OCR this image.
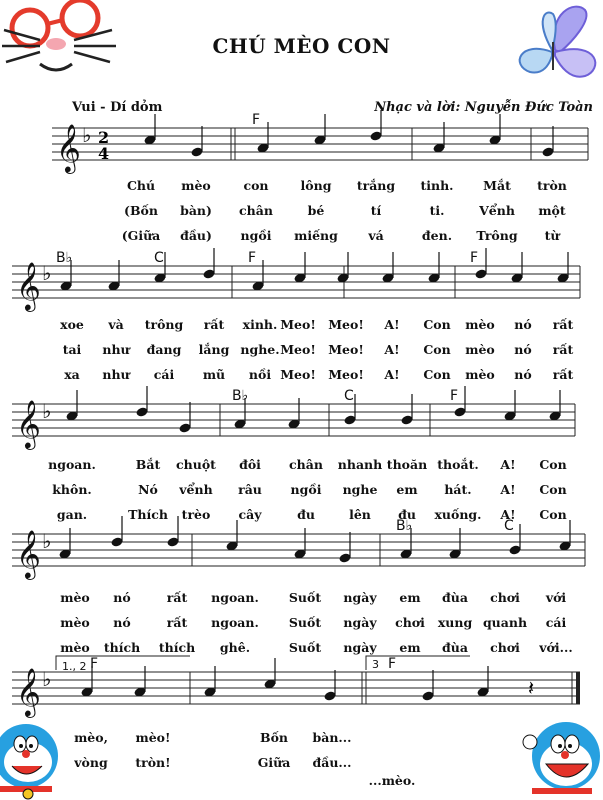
CHÚ MÈO CON
Vui - Dí dỏm	Nhạc và lời: Nguyễn Đức Toàn
𝄞 ♭ 2
4
𝄞 ♭
𝄞 ♭
𝄞 ♭
𝄞 ♭	𝄽
F
B♭	C	F	F
B♭	C	F
B♭	C
F	F
1., 2	3
Chú mèo	con	lông trắng tinh. Mắt tròn
(Bốn bàn) chân	bé	tí	ti.	Vểnh một
(Giữa đầu) ngồi miếng vá	đen. Trông từ
xoe và trông rất xinh. Meo! Meo! A! Con mèo nó rất
tai như đang lắng nghe. Meo! Meo! A! Con mèo nó rất
xa như cái mũ nồi Meo! Meo! A! Con mèo nó rất
ngoan.	Bắt chuột đôi chân nhanh thoăn thoắt. A! Con
khôn.	Nó vểnh râu ngồi nghe em hát. A! Con
gan.	Thích trèo cây	đu	lên đu xuống. A! Con
mèo nó	rất ngoan. Suốt ngày em đùa chơi với
mèo nó	rất ngoan. Suốt ngày chơi xung quanh cái
mèo thích thích ghê.	Suốt ngày em đùa chơi với...
mèo, mèo!	Bốn bàn...
vòng tròn!	Giữa đầu...
...mèo.
